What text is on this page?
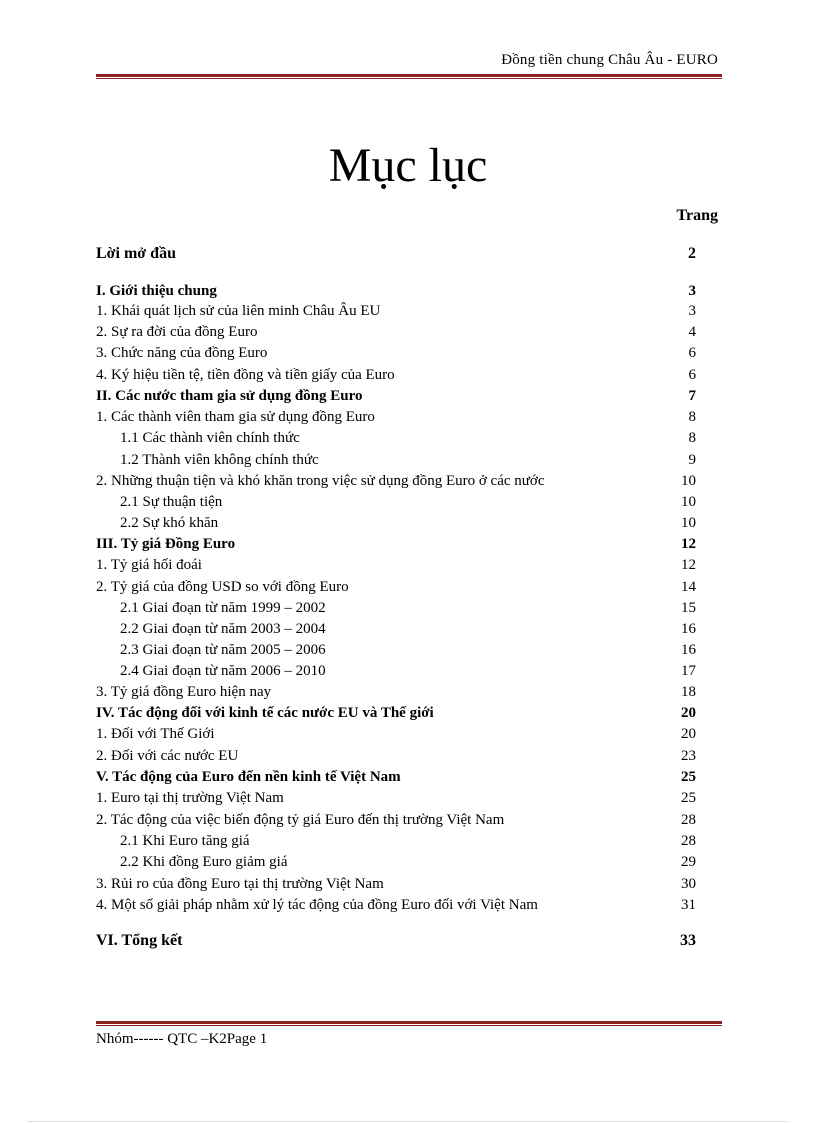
Đồng tiền chung Châu Âu - EURO
Mục lục
Trang
Lời mở đầu	2
I. Giới thiệu chung	3
1. Khái quát lịch sử của liên minh Châu Âu EU	3
2. Sự ra đời của đồng Euro	4
3. Chức năng của đồng Euro	6
4. Ký hiệu tiền tệ, tiền đồng và tiền giấy của Euro	6
II. Các nước tham gia sử dụng đồng Euro	7
1. Các thành viên tham gia sử dụng đồng Euro	8
1.1 Các thành viên chính thức	8
1.2 Thành viên không chính thức	9
2. Những thuận tiện và khó khăn trong việc sử dụng đồng Euro ở các nước	10
2.1 Sự thuận tiện	10
2.2 Sự khó khăn	10
III. Tỷ giá Đồng Euro	12
1. Tỷ giá hối đoái	12
2. Tỷ giá của đồng USD so với đồng Euro	14
2.1 Giai đoạn từ năm 1999 – 2002	15
2.2 Giai đoạn từ năm 2003 – 2004	16
2.3 Giai đoạn từ năm 2005 – 2006	16
2.4 Giai đoạn từ năm 2006 – 2010	17
3. Tỷ giá đồng Euro hiện nay	18
IV. Tác động đối với kinh tế các nước EU và Thế giới	20
1. Đối với Thế Giới	20
2. Đối với các nước EU	23
V. Tác động của Euro đến nền kinh tế Việt Nam	25
1. Euro tại thị trường Việt Nam	25
2. Tác động của việc biến động tỷ giá Euro đến thị trường Việt Nam	28
2.1 Khi Euro tăng giá	28
2.2 Khi đồng Euro giảm giá	29
3. Rủi ro của đồng Euro tại thị trường Việt Nam	30
4. Một số giải pháp nhằm xử lý tác động của đồng Euro đối với Việt Nam	31
VI. Tổng kết	33
Nhóm------ QTC –K2Page 1
